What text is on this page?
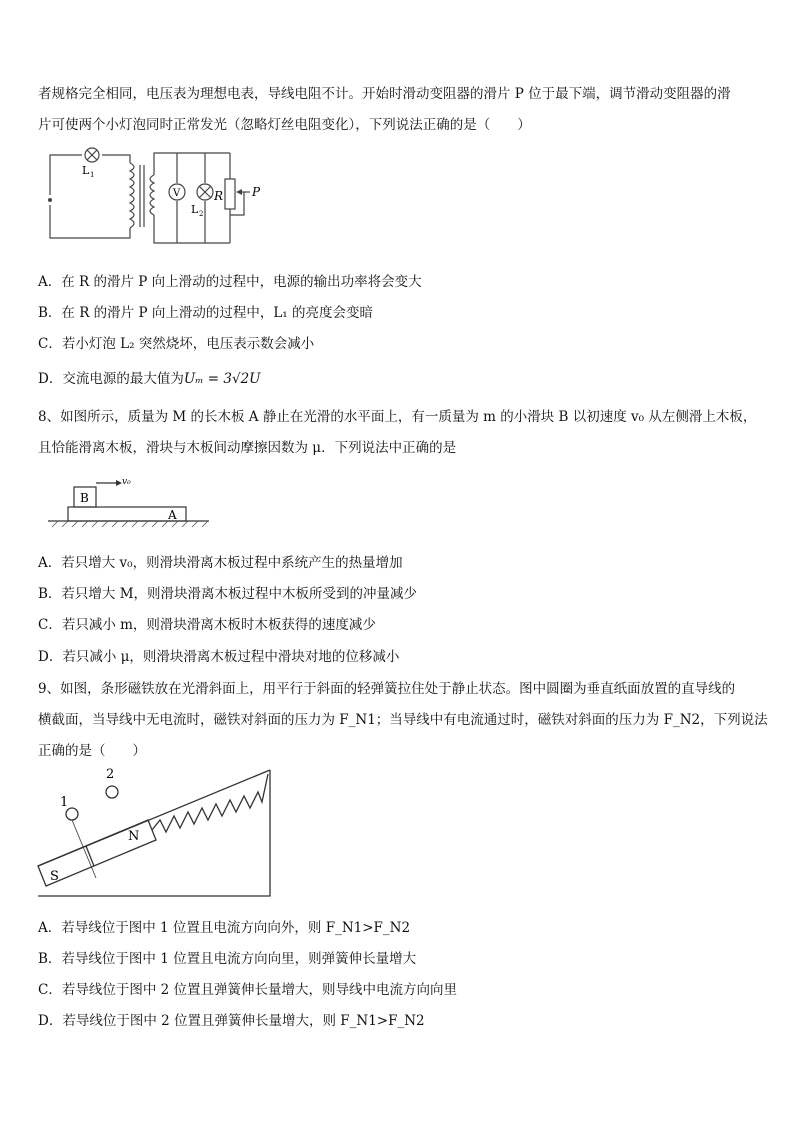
者规格完全相同，电压表为理想电表，导线电阻不计。开始时滑动变阻器的滑片 P 位于最下端，调节滑动变阻器的滑
片可使两个小灯泡同时正常发光（忽略灯丝电阻变化），下列说法正确的是（　　）
L 1
V
L 2
R P
A．在 R 的滑片 P 向上滑动的过程中，电源的输出功率将会变大
B．在 R 的滑片 P 向上滑动的过程中，L₁ 的亮度会变暗
C．若小灯泡 L₂ 突然烧坏，电压表示数会减小
D．交流电源的最大值为Uₘ = 3√2U
8、如图所示，质量为 M 的长木板 A 静止在光滑的水平面上，有一质量为 m 的小滑块 B 以初速度 v₀ 从左侧滑上木板，
且恰能滑离木板，滑块与木板间动摩擦因数为 μ．下列说法中正确的是
B
A
v₀
A．若只增大 v₀，则滑块滑离木板过程中系统产生的热量增加
B．若只增大 M，则滑块滑离木板过程中木板所受到的冲量减少
C．若只减小 m，则滑块滑离木板时木板获得的速度减少
D．若只减小 μ，则滑块滑离木板过程中滑块对地的位移减小
9、如图，条形磁铁放在光滑斜面上，用平行于斜面的轻弹簧拉住处于静止状态。图中圆圈为垂直纸面放置的直导线的
横截面，当导线中无电流时，磁铁对斜面的压力为 F_N1；当导线中有电流通过时，磁铁对斜面的压力为 F_N2，下列说法
正确的是（　　）
1
2
N
S
A．若导线位于图中 1 位置且电流方向向外，则 F_N1>F_N2
B．若导线位于图中 1 位置且电流方向向里，则弹簧伸长量增大
C．若导线位于图中 2 位置且弹簧伸长量增大，则导线中电流方向向里
D．若导线位于图中 2 位置且弹簧伸长量增大，则 F_N1>F_N2
